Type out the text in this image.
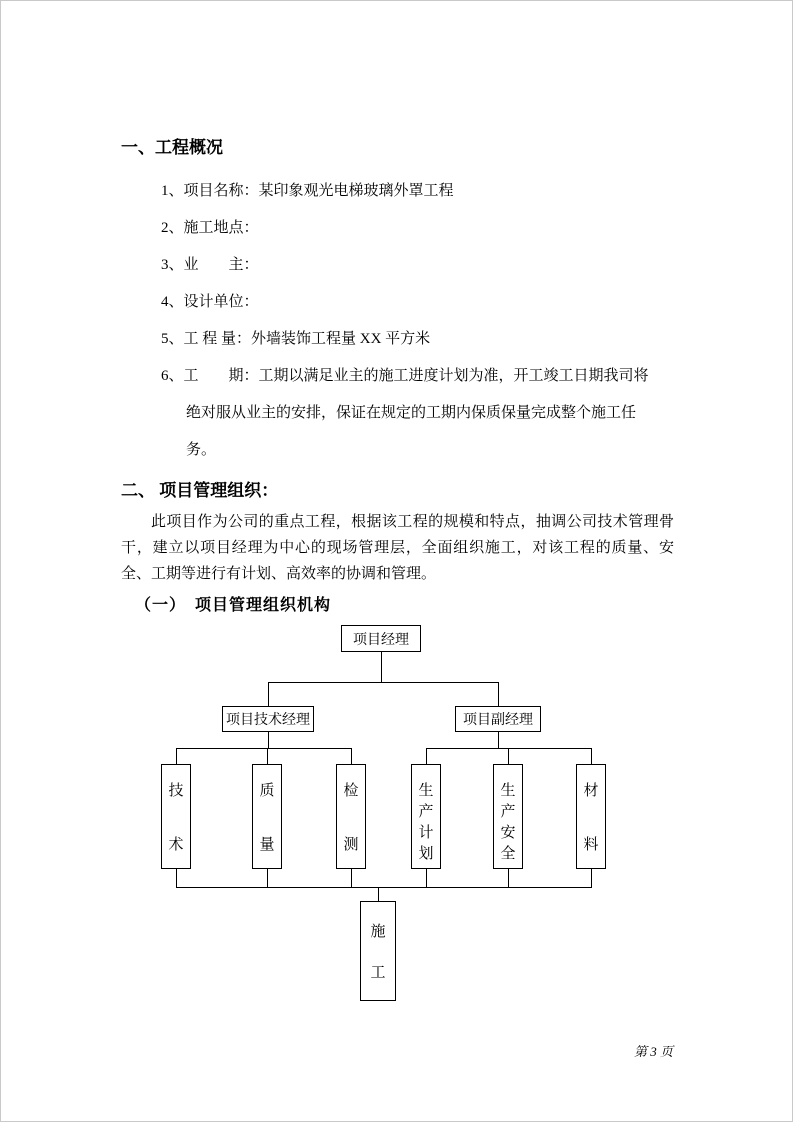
一、工程概况
1、项目名称：某印象观光电梯玻璃外罩工程
2、施工地点：
3、业　　主：
4、设计单位：
5、工 程 量：外墙装饰工程量 XX 平方米
6、工　　期：工期以满足业主的施工进度计划为准，开工竣工日期我司将
绝对服从业主的安排，保证在规定的工期内保质保量完成整个施工任务。
二、 项目管理组织：
此项目作为公司的重点工程，根据该工程的规模和特点，抽调公司技术管理骨干，建立以项目经理为中心的现场管理层，全面组织施工，对该工程的质量、安全、工期等进行有计划、高效率的协调和管理。
（一）　项目管理组织机构
项目经理
项目技术经理	项目副经理
技
术
质
量
检
测
生
产
计
划
生
产
安
全
材
料
施
工
第 3 页
